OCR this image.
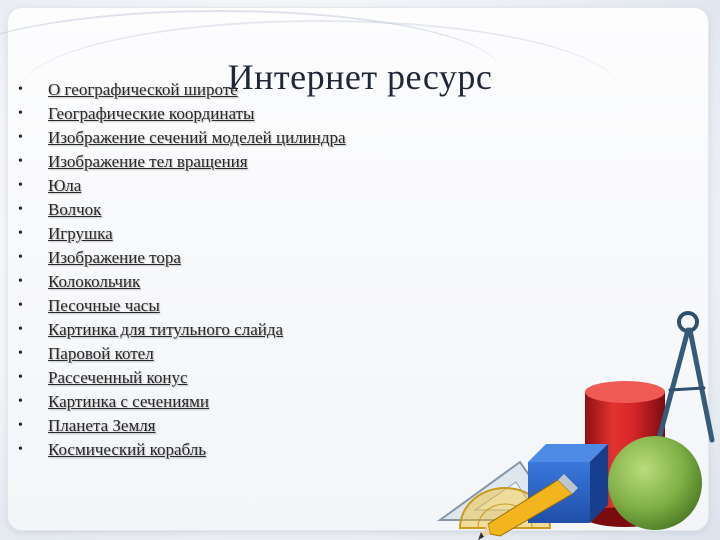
Интернет ресурс
•	О географической широте
•	Географические координаты
•	Изображение сечений моделей цилиндра
•	Изображение тел вращения
•	Юла
•	Волчок
•	Игрушка
•	Изображение тора
•	Колокольчик
•	Песочные часы
•	Картинка для титульного слайда
•	Паровой котел
•	Рассеченный конус
•	Картинка с сечениями
•	Планета Земля
•	Космический корабль
